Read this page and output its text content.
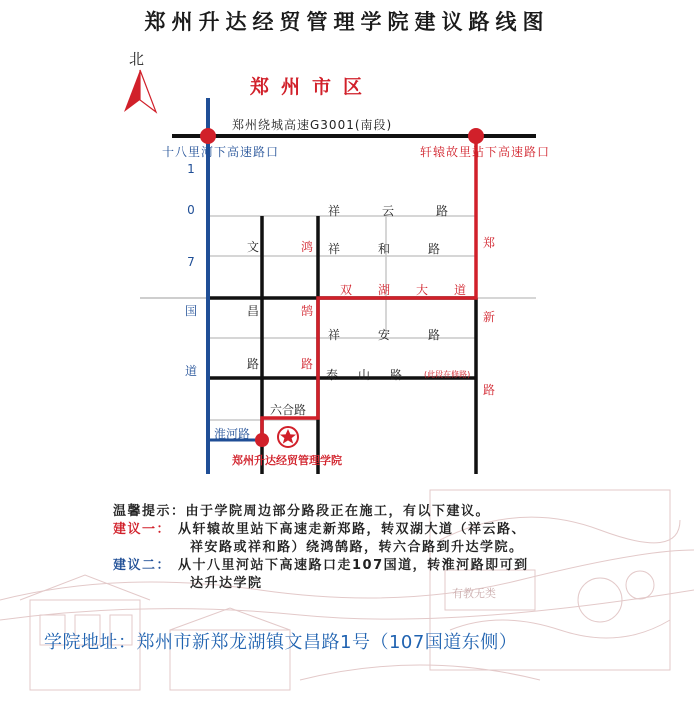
有教无类
郑州升达经贸管理学院建议路线图
北
郑州市区
郑州绕城高速G3001(南段)
十八里河下高速路口	轩辕故里站下高速路口
1
0
7
国
道
祥云路
祥和路
双湖大道
祥安路
泰山路 (此段在修路)
文
昌
路
鸿
鹄
路
郑
新
路
六合路
淮河路
郑州升达经贸管理学院
温馨提示：由于学院周边部分路段正在施工，有以下建议。
建议一： 从轩辕故里站下高速走新郑路，转双湖大道（祥云路、
祥安路或祥和路）绕鸿鹄路，转六合路到升达学院。
建议二： 从十八里河站下高速路口走107国道，转淮河路即可到
达升达学院
学院地址：郑州市新郑龙湖镇文昌路1号（107国道东侧）
